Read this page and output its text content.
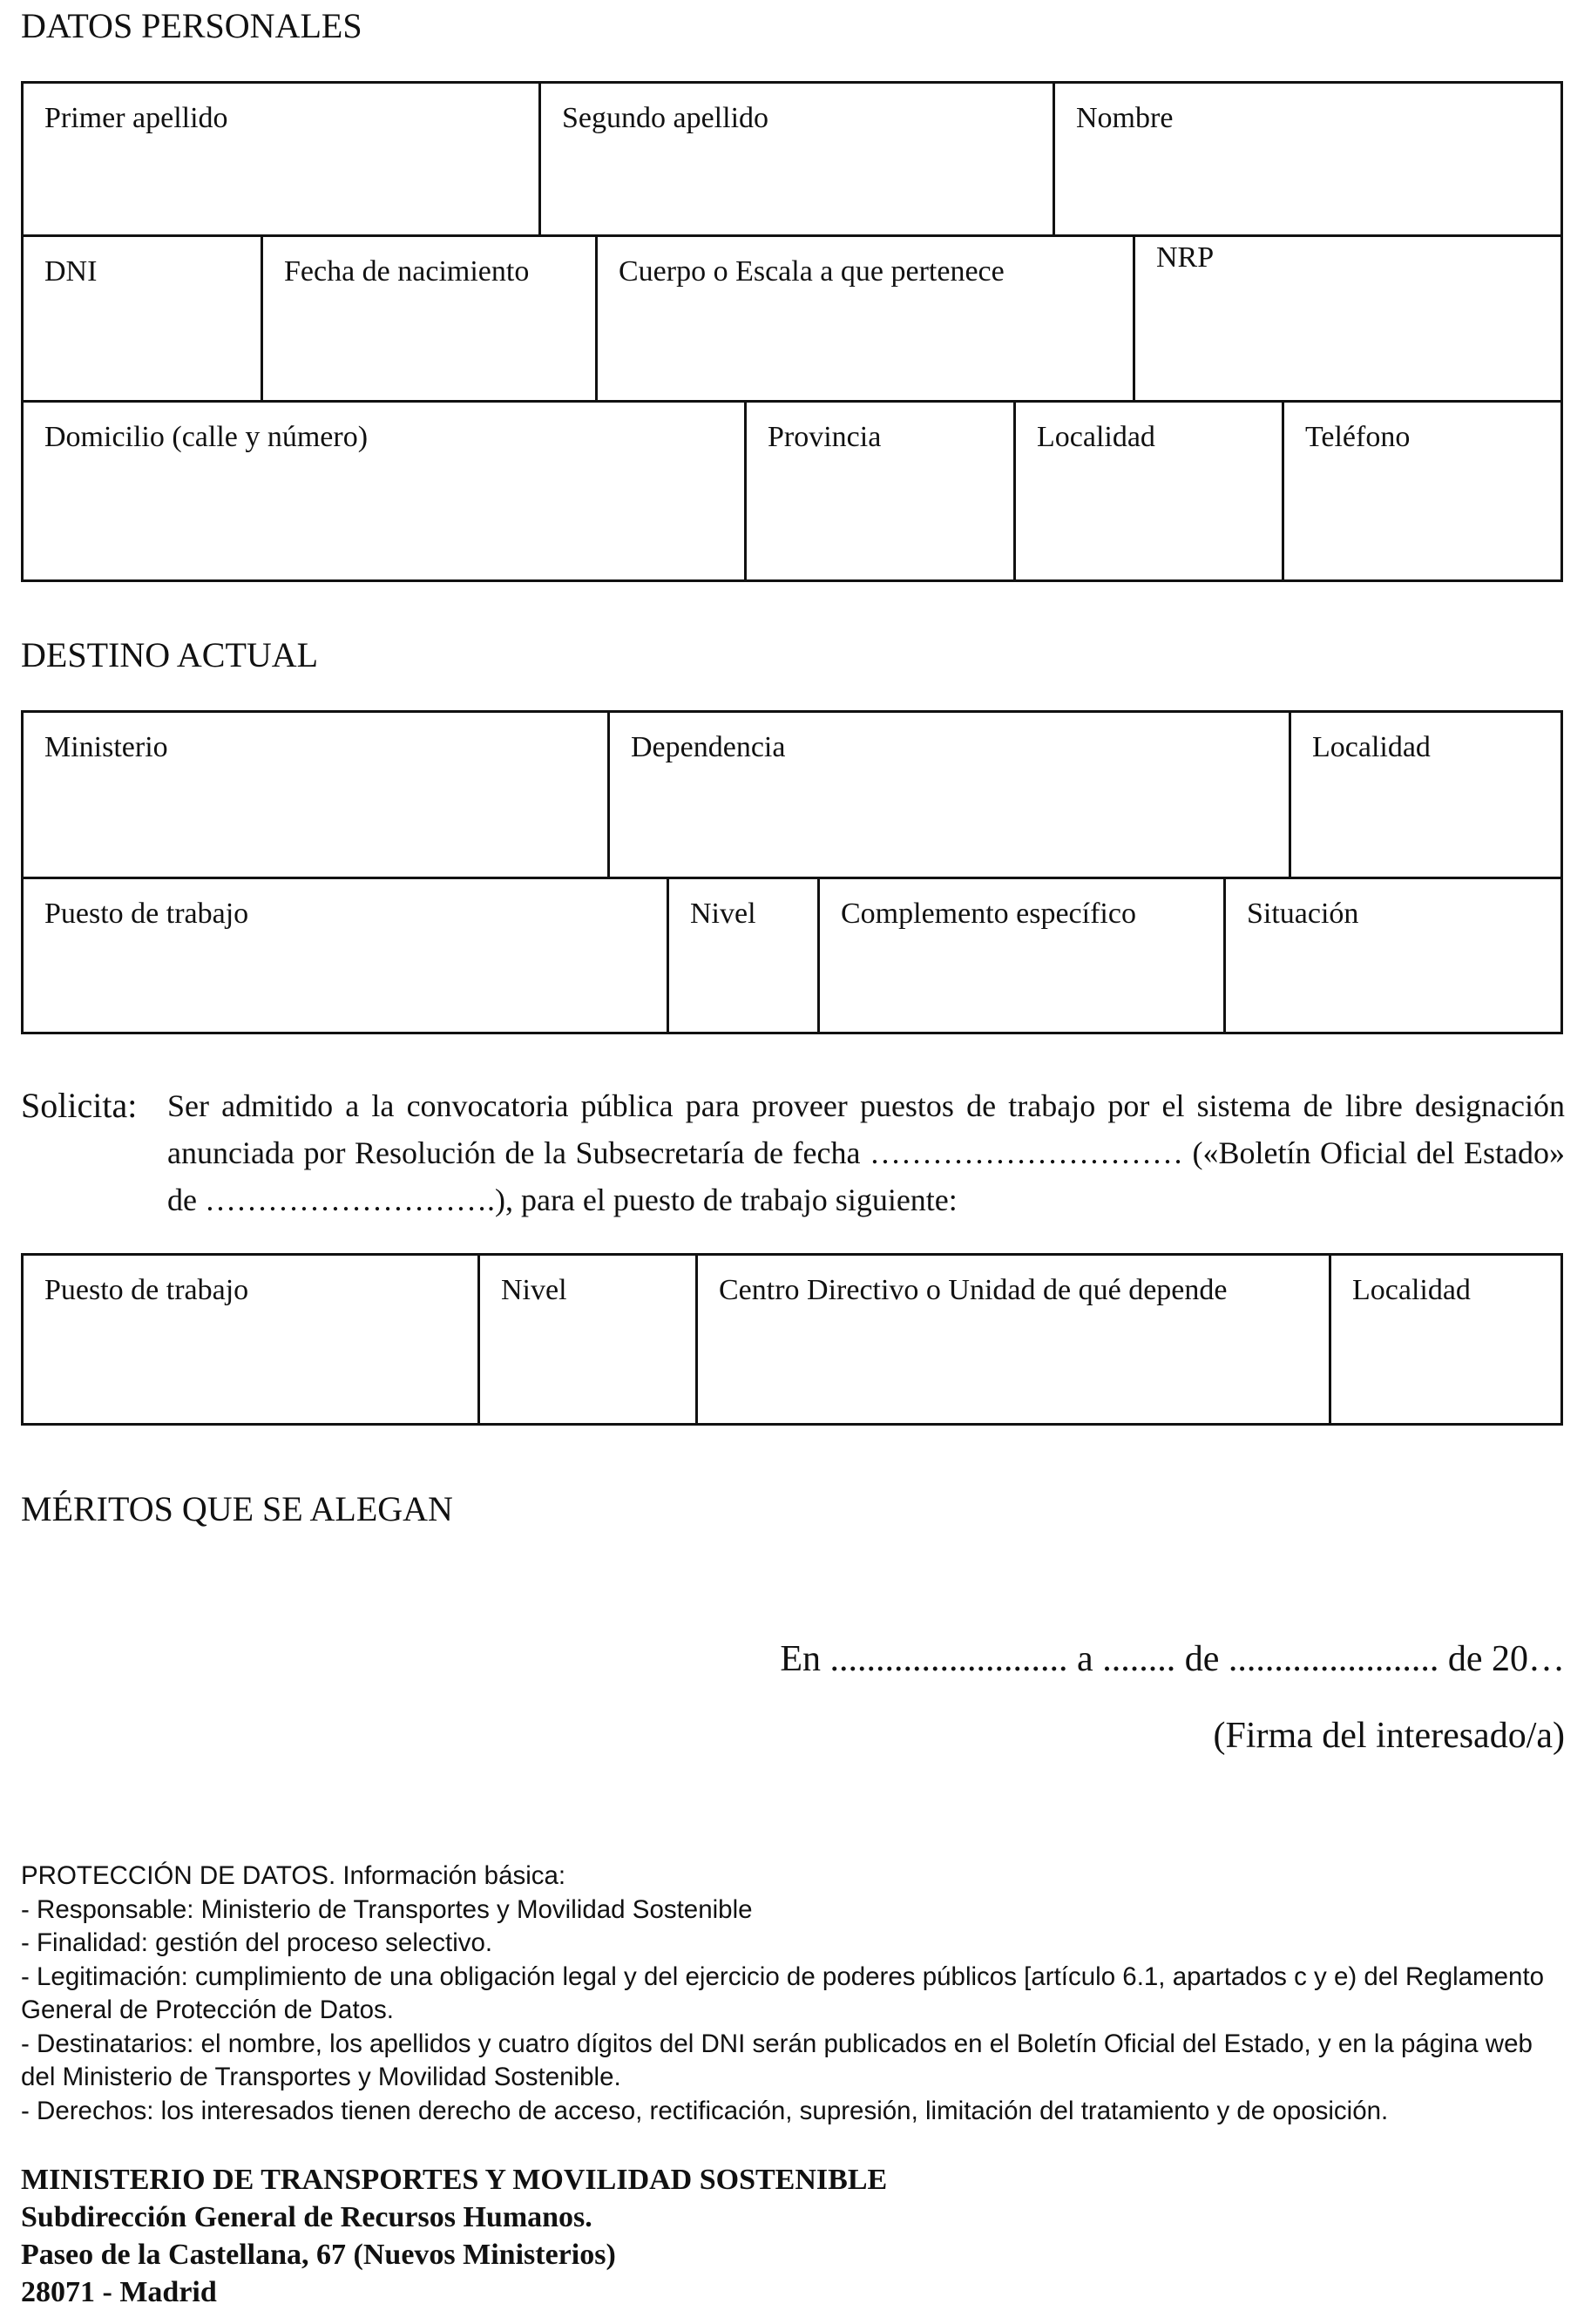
DATOS PERSONALES
Primer apellido	Segundo apellido	Nombre
DNI	Fecha de nacimiento	Cuerpo o Escala a que pertenece	NRP
Domicilio (calle y número)	Provincia	Localidad	Teléfono
DESTINO ACTUAL
Ministerio	Dependencia	Localidad
Puesto de trabajo	Nivel	Complemento específico	Situación
Solicita: Ser admitido a la convocatoria pública para proveer puestos de trabajo por el sistema de libre designación anunciada por Resolución de la Subsecretaría de fecha ………………………… («Boletín Oficial del Estado» de ……………………….), para el puesto de trabajo siguiente:
Puesto de trabajo	Nivel	Centro Directivo o Unidad de qué depende	Localidad
MÉRITOS QUE SE ALEGAN
En .......................... a ........ de ....................... de 20…
(Firma del interesado/a)
PROTECCIÓN DE DATOS. Información básica:
- Responsable: Ministerio de Transportes y Movilidad Sostenible
- Finalidad: gestión del proceso selectivo.
- Legitimación: cumplimiento de una obligación legal y del ejercicio de poderes públicos [artículo 6.1, apartados c y e) del Reglamento General de Protección de Datos.
- Destinatarios: el nombre, los apellidos y cuatro dígitos del DNI serán publicados en el Boletín Oficial del Estado, y en la página web del Ministerio de Transportes y Movilidad Sostenible.
- Derechos: los interesados tienen derecho de acceso, rectificación, supresión, limitación del tratamiento y de oposición.
MINISTERIO DE TRANSPORTES Y MOVILIDAD SOSTENIBLE
Subdirección General de Recursos Humanos.
Paseo de la Castellana, 67 (Nuevos Ministerios)
28071 - Madrid
